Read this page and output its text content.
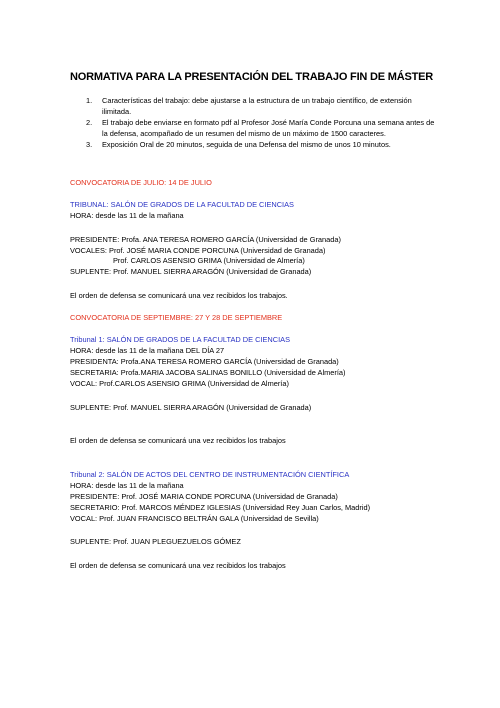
NORMATIVA PARA LA PRESENTACIÓN DEL TRABAJO FIN DE MÁSTER
1. Características del trabajo: debe ajustarse a la estructura de un trabajo científico, de extensión ilimitada.
2. El trabajo debe enviarse en formato pdf al Profesor José María Conde Porcuna una semana antes de la defensa, acompañado de un resumen del mismo de un máximo de 1500 caracteres.
3. Exposición Oral de 20 minutos, seguida de una Defensa del mismo de unos 10 minutos.
CONVOCATORIA DE JULIO: 14 DE JULIO
TRIBUNAL: SALÓN DE GRADOS DE LA FACULTAD DE CIENCIAS
HORA: desde las 11 de la mañana
PRESIDENTE: Profa. ANA TERESA ROMERO GARCÍA (Universidad de Granada)
VOCALES: Prof. JOSÉ MARIA CONDE PORCUNA (Universidad de Granada)
Prof. CARLOS ASENSIO GRIMA (Universidad de Almería)
SUPLENTE: Prof. MANUEL SIERRA ARAGÓN (Universidad de Granada)
El orden de defensa se comunicará una vez recibidos los trabajos.
CONVOCATORIA DE SEPTIEMBRE: 27 Y 28 DE SEPTIEMBRE
Tribunal 1: SALÓN DE GRADOS DE LA FACULTAD DE CIENCIAS
HORA: desde las 11 de la mañana DEL DÍA 27
PRESIDENTA: Profa.ANA TERESA ROMERO GARCÍA (Universidad de Granada)
SECRETARIA: Profa.MARIA JACOBA SALINAS BONILLO (Universidad de Almería)
VOCAL: Prof.CARLOS ASENSIO GRIMA (Universidad de Almería)
SUPLENTE: Prof. MANUEL SIERRA ARAGÓN (Universidad de Granada)
El orden de defensa se comunicará una vez recibidos los trabajos
Tribunal 2: SALÓN DE ACTOS DEL CENTRO DE INSTRUMENTACIÓN CIENTÍFICA
HORA: desde las 11 de la mañana
PRESIDENTE: Prof. JOSÉ MARIA CONDE PORCUNA (Universidad de Granada)
SECRETARIO: Prof. MARCOS MÉNDEZ IGLESIAS (Universidad Rey Juan Carlos, Madrid)
VOCAL: Prof. JUAN FRANCISCO BELTRÁN GALA (Universidad de Sevilla)
SUPLENTE: Prof. JUAN PLEGUEZUELOS GÓMEZ
El orden de defensa se comunicará una vez recibidos los trabajos
